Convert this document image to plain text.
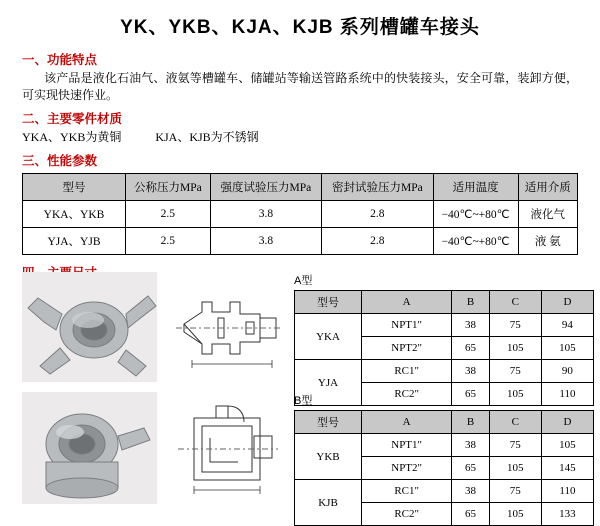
YK、YKB、KJA、KJB 系列槽罐车接头
一、功能特点
该产品是液化石油气、液氨等槽罐车、储罐站等输送管路系统中的快装接头，安全可靠，装卸方便，可实现快速作业。
二、主要零件材质
YKA、YKB为黄铜	KJA、KJB为不锈钢
三、性能参数
型号	公称压力MPa	强度试验压力MPa	密封试验压力MPa	适用温度	适用介质
YKA、YKB	2.5	3.8	2.8	−40℃~+80℃	液化气
YJA、YJB	2.5	3.8	2.8	−40℃~+80℃	液 氨
A型
型号	A	B	C	D
YKA	NPT1"	38	75	94
	NPT2"	65	105	105
YJA	RC1"	38	75	90
	RC2"	65	105	110
B型
型号	A	B	C	D
YKB	NPT1"	38	75	105
	NPT2"	65	105	145
KJB	RC1"	38	75	110
	RC2"	65	105	133
